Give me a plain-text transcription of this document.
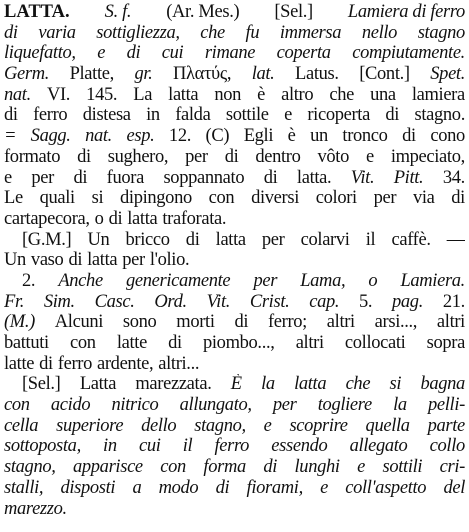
LATTA. S. f. (Ar. Mes.) [Sel.] Lamiera di ferro
di varia sottigliezza, che fu immersa nello stagno
liquefatto, e di cui rimane coperta compiutamente.
Germ. Platte, gr. Πλατύς, lat. Latus. [Cont.] Spet.
nat. VI. 145. La latta non è altro che una lamiera
di ferro distesa in falda sottile e ricoperta di stagno.
= Sagg. nat. esp. 12. (C) Egli è un tronco di cono
formato di sughero, per di dentro vôto e impeciato,
e per di fuora soppannato di latta. Vit. Pitt. 34.
Le quali si dipingono con diversi colori per via di
cartapecora, o di latta traforata.
[G.M.] Un bricco di latta per colarvi il caffè. —
Un vaso di latta per l'olio.
2. Anche genericamente per Lama, o Lamiera.
Fr. Sim. Casc. Ord. Vit. Crist. cap. 5. pag. 21.
(M.) Alcuni sono morti di ferro; altri arsi..., altri
battuti con latte di piombo..., altri collocati sopra
latte di ferro ardente, altri...
[Sel.] Latta marezzata. È la latta che si bagna
con acido nitrico allungato, per togliere la pelli-
cella superiore dello stagno, e scoprire quella parte
sottoposta, in cui il ferro essendo allegato collo
stagno, apparisce con forma di lunghi e sottili cri-
stalli, disposti a modo di fiorami, e coll'aspetto del
marezzo.
